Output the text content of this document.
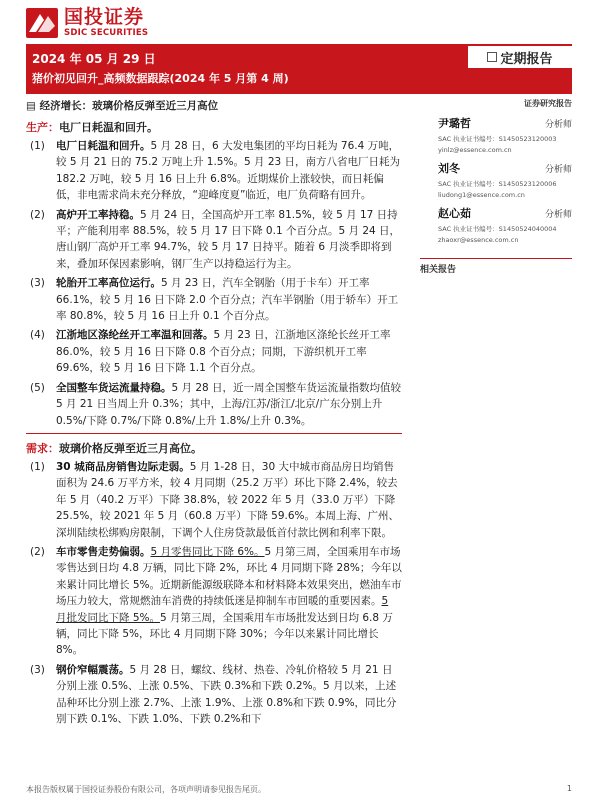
国投证券
SDIC SECURITIES
2024 年 05 月 29 日
猪价初见回升_高频数据跟踪(2024 年 5 月第 4 周)
定期报告
▤ 经济增长：玻璃价格反弹至近三月高位
生产：电厂日耗温和回升。
(1)	电厂日耗温和回升。5 月 28 日，6 大发电集团的平均日耗为 76.4 万吨，较 5 月 21 日的 75.2 万吨上升 1.5%。5 月 23 日，南方八省电厂日耗为 182.2 万吨，较 5 月 16 日上升 6.8%。近期煤价上涨较快，而日耗偏低，非电需求尚未充分释放，“迎峰度夏”临近，电厂负荷略有回升。
(2)	高炉开工率持稳。5 月 24 日，全国高炉开工率 81.5%，较 5 月 17 日持平；产能利用率 88.5%，较 5 月 17 日下降 0.1 个百分点。5 月 24 日，唐山钢厂高炉开工率 94.7%，较 5 月 17 日持平。随着 6 月淡季即将到来，叠加环保因素影响，钢厂生产以持稳运行为主。
(3)	轮胎开工率高位运行。5 月 23 日，汽车全钢胎（用于卡车）开工率 66.1%，较 5 月 16 日下降 2.0 个百分点；汽车半钢胎（用于轿车）开工率 80.8%，较 5 月 16 日上升 0.1 个百分点。
(4)	江浙地区涤纶丝开工率温和回落。5 月 23 日，江浙地区涤纶长丝开工率 86.0%，较 5 月 16 日下降 0.8 个百分点；同期，下游织机开工率 69.6%，较 5 月 16 日下降 1.1 个百分点。
(5)	全国整车货运流量持稳。5 月 28 日，近一周全国整车货运流量指数均值较 5 月 21 日当周上升 0.3%；其中，上海/江苏/浙江/北京/广东分别上升 0.5%/下降 0.7%/下降 0.8%/上升 1.8%/上升 0.3%。
需求：玻璃价格反弹至近三月高位。
(1)	30 城商品房销售边际走弱。5 月 1-28 日，30 大中城市商品房日均销售面积为 24.6 万平方米，较 4 月同期（25.2 万平）环比下降 2.4%，较去年 5 月（40.2 万平）下降 38.8%，较 2022 年 5 月（33.0 万平）下降 25.5%，较 2021 年 5 月（60.8 万平）下降 59.6%。本周上海、广州、深圳陆续松绑购房限制，下调个人住房贷款最低首付款比例和利率下限。
(2)	车市零售走势偏弱。5 月零售同比下降 6%。5 月第三周，全国乘用车市场零售达到日均 4.8 万辆，同比下降 2%，环比 4 月同期下降 28%；今年以来累计同比增长 5%。近期新能源级联降本和材料降本效果突出，燃油车市场压力较大，常规燃油车消费的持续低迷是抑制车市回暖的重要因素。5 月批发同比下降 5%。5 月第三周，全国乘用车市场批发达到日均 6.8 万辆，同比下降 5%，环比 4 月同期下降 30%；今年以来累计同比增长 8%。
(3)	钢价窄幅震荡。5 月 28 日，螺纹、线材、热卷、冷轧价格较 5 月 21 日分别上涨 0.5%、上涨 0.5%、下跌 0.3%和下跌 0.2%。5 月以来，上述品种环比分别上涨 2.7%、上涨 1.9%、上涨 0.8%和下跌 0.9%，同比分别下跌 0.1%、下跌 1.0%、下跌 0.2%和下
证券研究报告
尹璐哲	分析师
SAC 执业证书编号：S1450523120003
yinlz@essence.com.cn
刘冬	分析师
SAC 执业证书编号：S1450523120006
liudong1@essence.com.cn
赵心茹	分析师
SAC 执业证书编号：S1450524040004
zhaoxr@essence.com.cn
相关报告
本报告版权属于国投证券股份有限公司，各项声明请参见报告尾页。	1
